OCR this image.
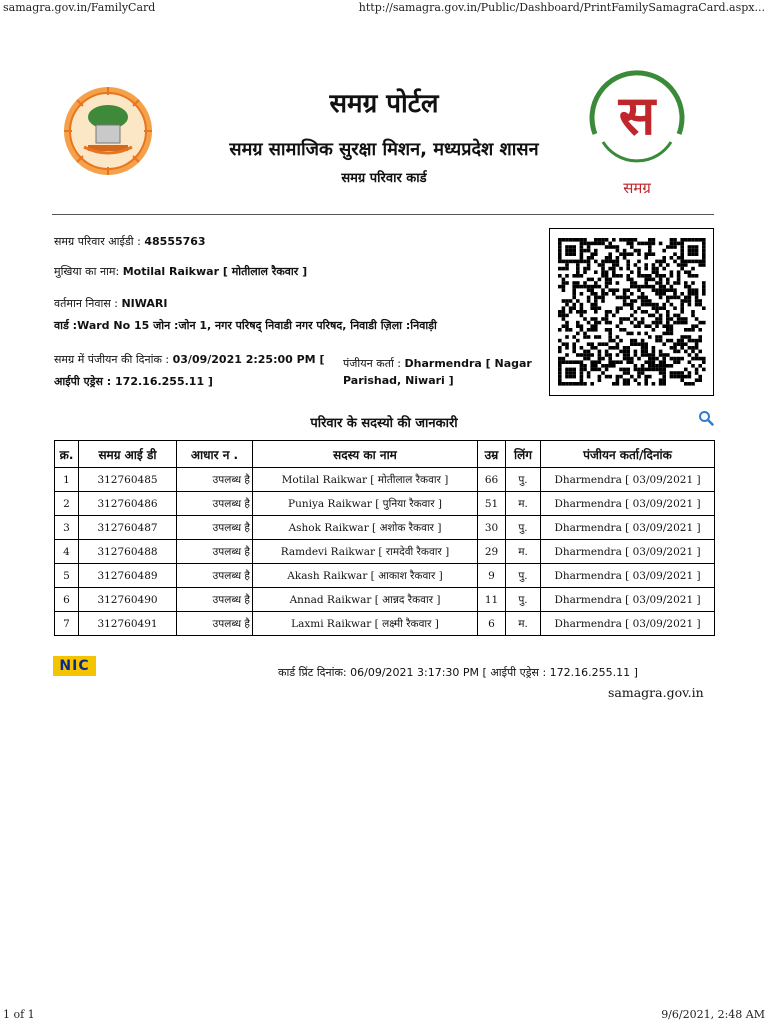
samagra.gov.in/FamilyCard	http://samagra.gov.in/Public/Dashboard/PrintFamilySamagraCard.aspx...
1 of 1	9/6/2021, 2:48 AM
स
समग्र
समग्र पोर्टल
समग्र सामाजिक सुरक्षा मिशन, मध्यप्रदेश शासन
समग्र परिवार कार्ड
समग्र परिवार आईडी : 48555763
मुखिया का नाम: Motilal Raikwar [ मोतीलाल रैकवार ]
वर्तमान निवास : NIWARI
वार्ड :Ward No 15 जोन :जोन 1, नगर परिषद् निवाडी नगर परिषद, निवाडी ज़िला :निवाड़ी
समग्र में पंजीयन की दिनांक : 03/09/2021 2:25:00 PM [
आईपी एड्रेस : 172.16.255.11 ]
पंजीयन कर्ता : Dharmendra [ Nagar
Parishad, Niwari ]
परिवार के सदस्यो की जानकारी
क्र.	समग्र आई डी	आधार न .	सदस्य का नाम	उम्र	लिंग	पंजीयन कर्ता/दिनांक
1	312760485	उपलब्ध है	Motilal Raikwar [ मोतीलाल रैकवार ]	66	पु.	Dharmendra [ 03/09/2021 ]
2	312760486	उपलब्ध है	Puniya Raikwar [ पुनिया रैकवार ]	51	म.	Dharmendra [ 03/09/2021 ]
3	312760487	उपलब्ध है	Ashok Raikwar [ अशोक रैकवार ]	30	पु.	Dharmendra [ 03/09/2021 ]
4	312760488	उपलब्ध है	Ramdevi Raikwar [ रामदेवी रैकवार ]	29	म.	Dharmendra [ 03/09/2021 ]
5	312760489	उपलब्ध है	Akash Raikwar [ आकाश रैकवार ]	9	पु.	Dharmendra [ 03/09/2021 ]
6	312760490	उपलब्ध है	Annad Raikwar [ आन्नद रैकवार ]	11	पु.	Dharmendra [ 03/09/2021 ]
7	312760491	उपलब्ध है	Laxmi Raikwar [ लक्ष्मी रैकवार ]	6	म.	Dharmendra [ 03/09/2021 ]
NIC	कार्ड प्रिंट दिनांक: 06/09/2021 3:17:30 PM [ आईपी एड्रेस : 172.16.255.11 ]
samagra.gov.in
